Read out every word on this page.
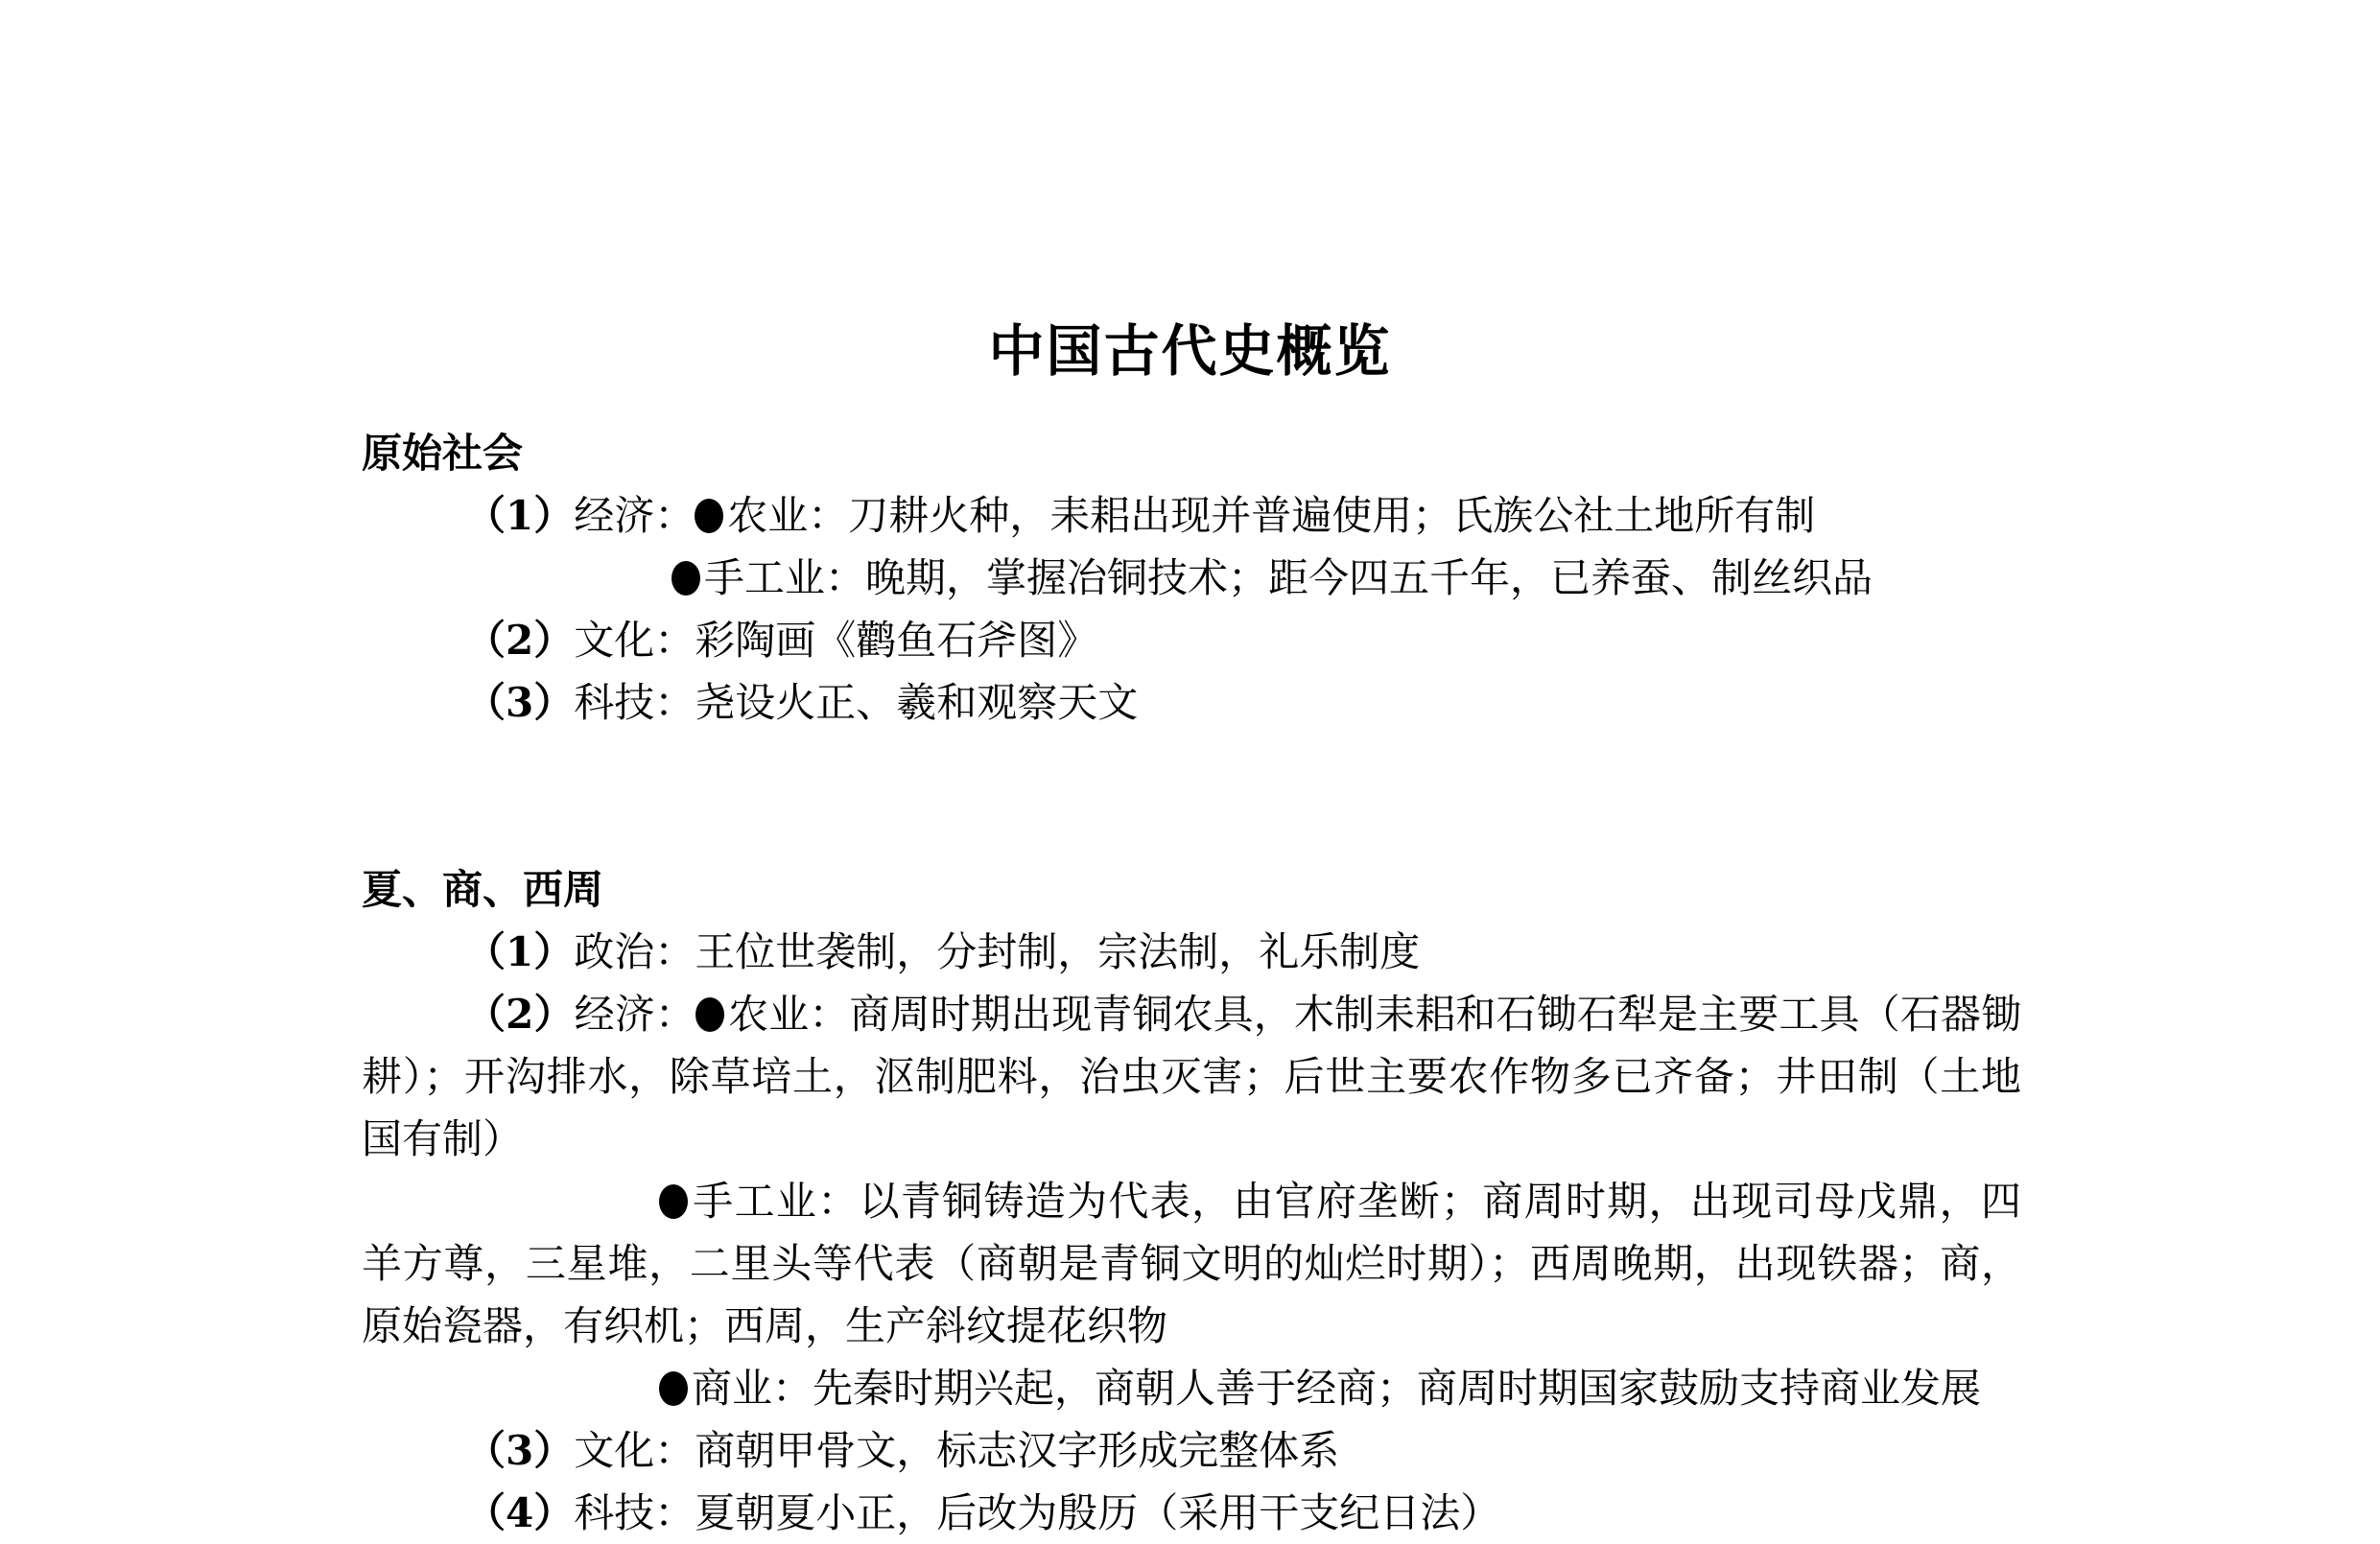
中国古代史概览
原始社会
（1）经济： 农业：刀耕火种，耒耜出现并普遍使用；氏族公社土地所有制
手工业：晚期，掌握冶铜技术；距今四五千年，已养蚕、制丝织品
（2）文化：彩陶画《鹳鱼石斧图》
（3）科技：尧设火正、羲和观察天文
夏、商、西周
（1）政治：王位世袭制，分封制，宗法制，礼乐制度
（2）经济： 农业：商周时期出现青铜农具，木制耒耜和石锄石犁是主要工具（石器锄耕）；开沟排水，除草培土，沤制肥料，治虫灭害；后世主要农作物多已齐备；井田制（土地国有制）
手工业：以青铜铸造为代表，由官府垄断；商周时期，出现司母戊鼎，四羊方尊，三星堆，二里头等代表（商朝是青铜文明的灿烂时期）；西周晚期，出现铁器；商，原始瓷器，有织机；西周，生产斜纹提花织物
商业：先秦时期兴起，商朝人善于经商；商周时期国家鼓励支持商业发展
（3）文化：商朝甲骨文，标志汉字形成完整体系
（4）科技：夏朝夏小正，后改为殷历（采用干支纪日法）
